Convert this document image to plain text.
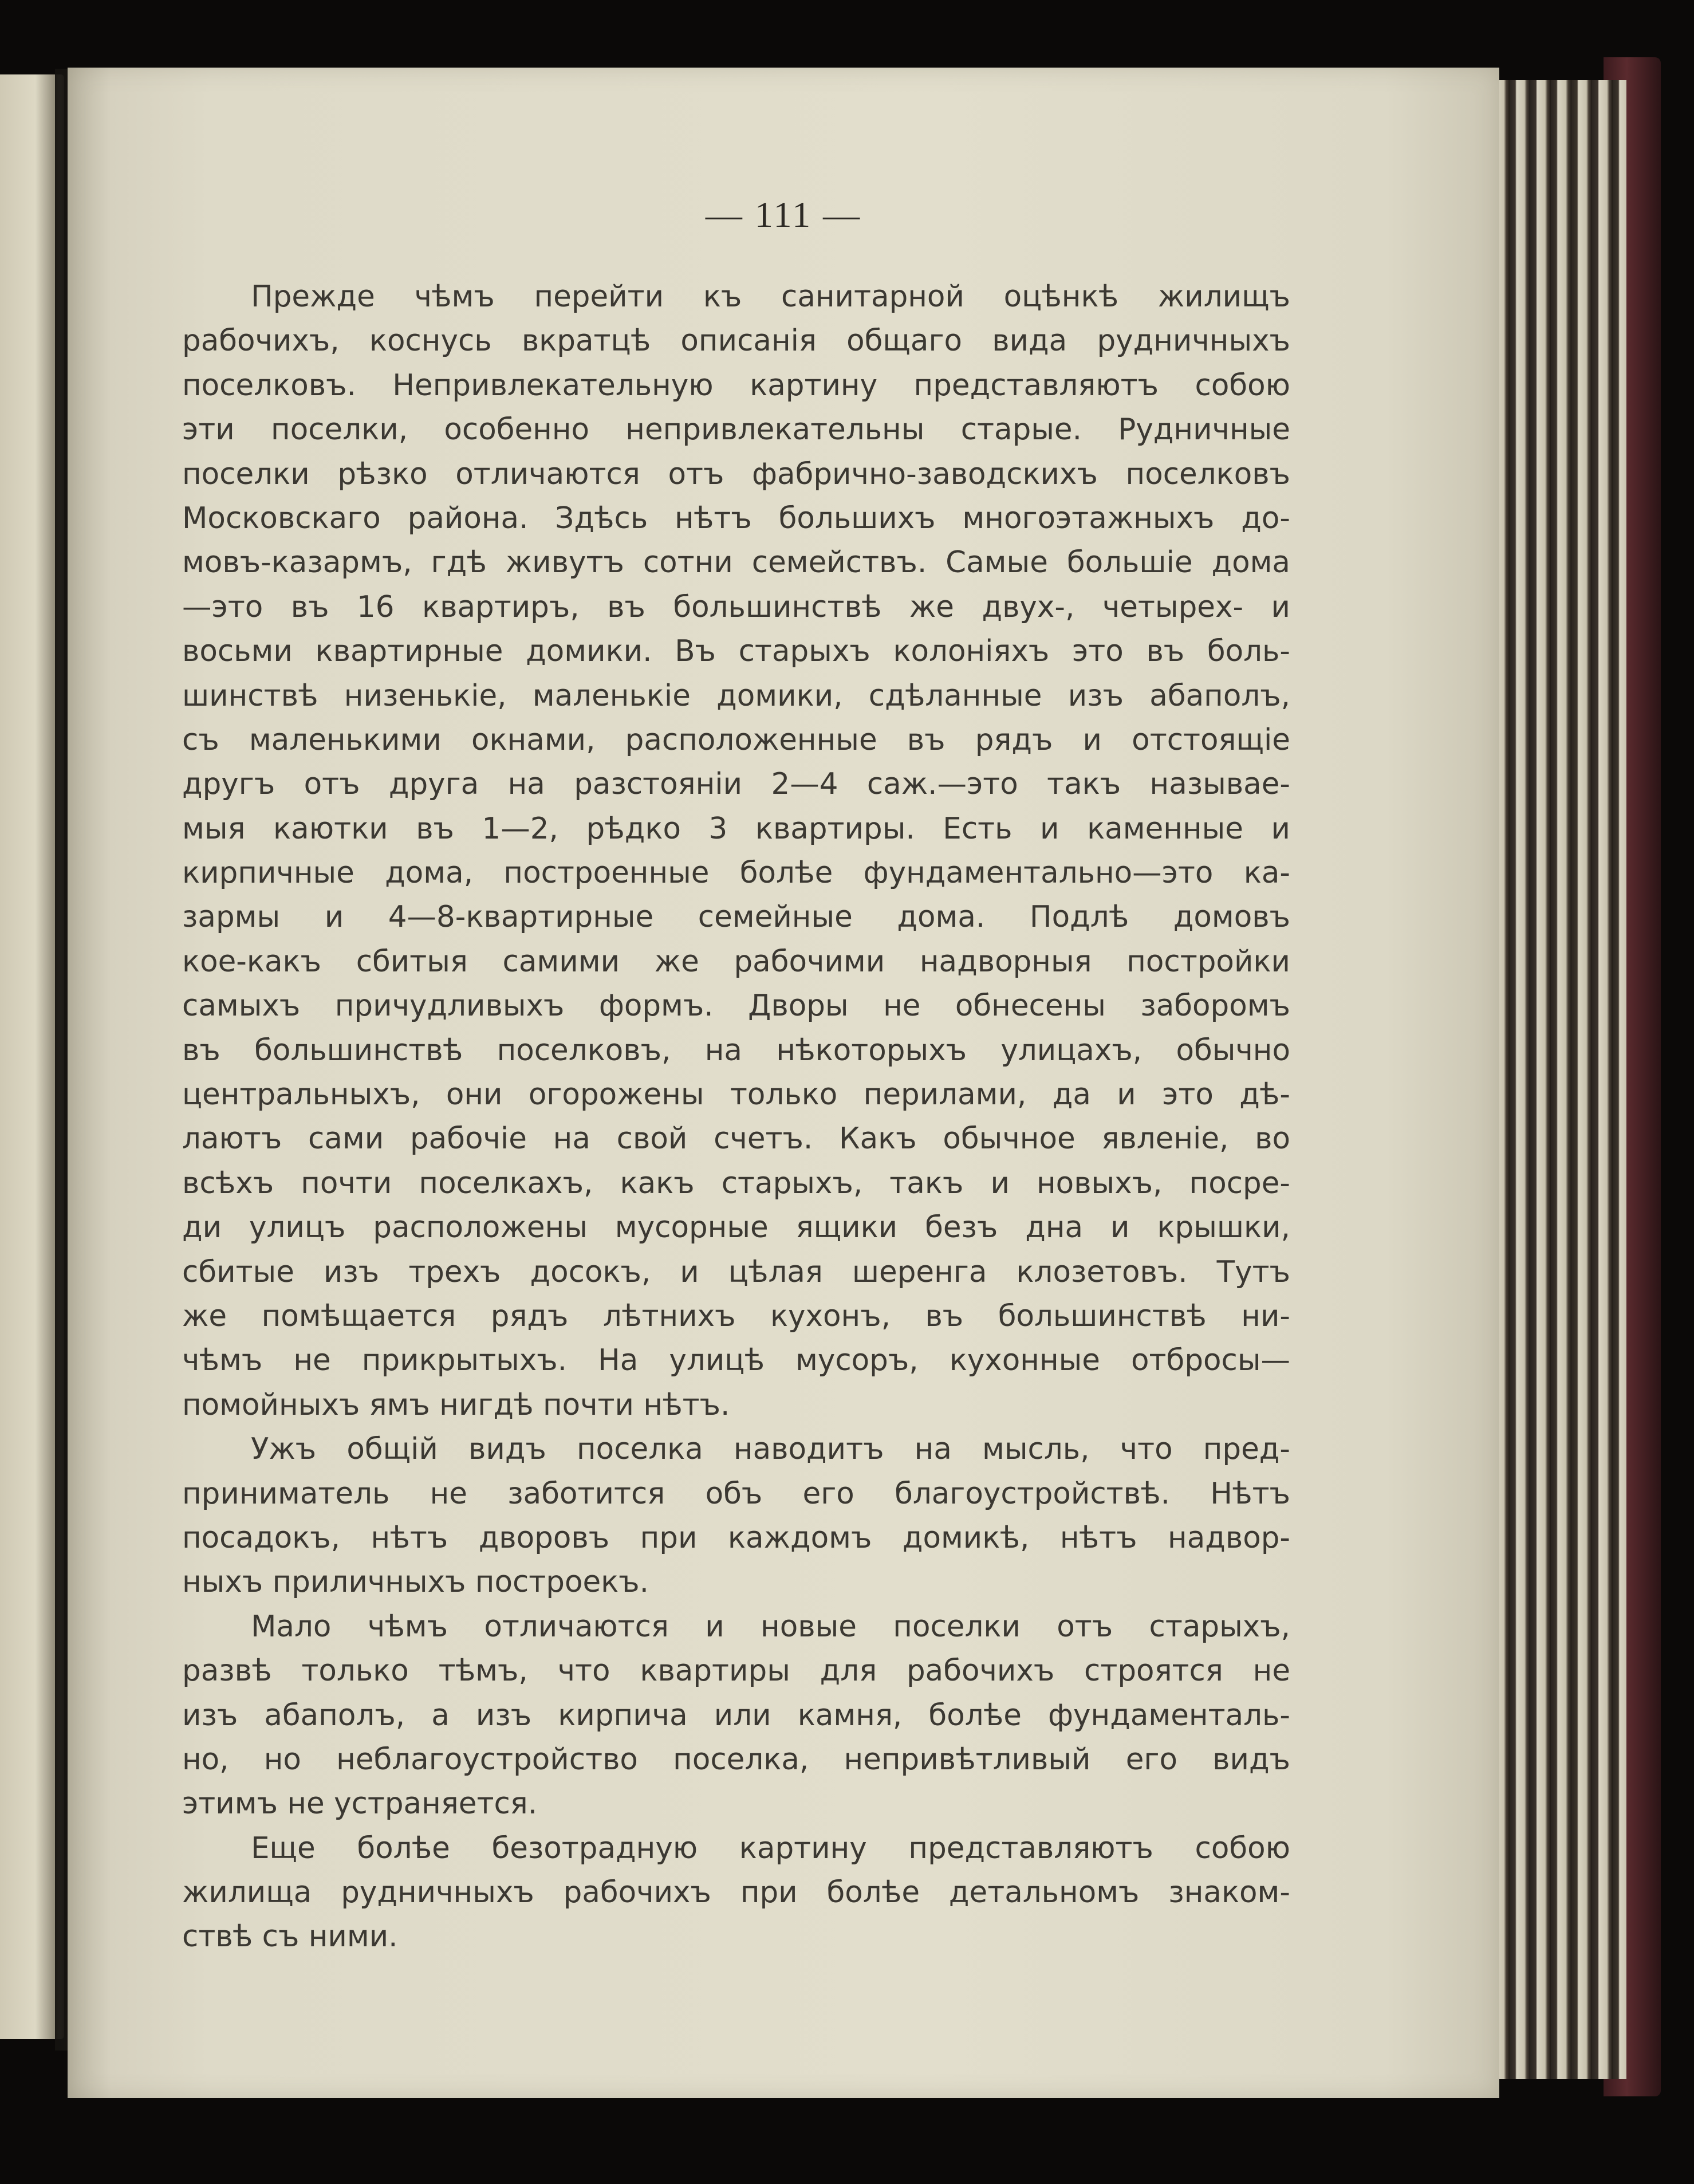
— 111 —
Прежде чѣмъ перейти къ санитарной оцѣнкѣ жилищъ
рабочихъ, коснусь вкратцѣ описанія общаго вида рудничныхъ
поселковъ. Непривлекательную картину представляютъ собою
эти поселки, особенно непривлекательны старые. Рудничные
поселки рѣзко отличаются отъ фабрично-заводскихъ поселковъ
Московскаго района. Здѣсь нѣтъ большихъ многоэтажныхъ до-
мовъ-казармъ, гдѣ живутъ сотни семействъ. Самые большіе дома
—это въ 16 квартиръ, въ большинствѣ же двух-, четырех- и
восьми квартирные домики. Въ старыхъ колоніяхъ это въ боль-
шинствѣ низенькіе, маленькіе домики, сдѣланные изъ абаполъ,
съ маленькими окнами, расположенные въ рядъ и отстоящіе
другъ отъ друга на разстояніи 2—4 саж.—это такъ называе-
мыя каютки въ 1—2, рѣдко 3 квартиры. Есть и каменные и
кирпичные дома, построенные болѣе фундаментально—это ка-
зармы и 4—8-квартирные семейные дома. Подлѣ домовъ
кое-какъ сбитыя самими же рабочими надворныя постройки
самыхъ причудливыхъ формъ. Дворы не обнесены заборомъ
въ большинствѣ поселковъ, на нѣкоторыхъ улицахъ, обычно
центральныхъ, они огорожены только перилами, да и это дѣ-
лаютъ сами рабочіе на свой счетъ. Какъ обычное явленіе, во
всѣхъ почти поселкахъ, какъ старыхъ, такъ и новыхъ, посре-
ди улицъ расположены мусорные ящики безъ дна и крышки,
сбитые изъ трехъ досокъ, и цѣлая шеренга клозетовъ. Тутъ
же помѣщается рядъ лѣтнихъ кухонъ, въ большинствѣ ни-
чѣмъ не прикрытыхъ. На улицѣ мусоръ, кухонные отбросы—
помойныхъ ямъ нигдѣ почти нѣтъ.
Ужъ общій видъ поселка наводитъ на мысль, что пред-
приниматель не заботится объ его благоустройствѣ. Нѣтъ
посадокъ, нѣтъ дворовъ при каждомъ домикѣ, нѣтъ надвор-
ныхъ приличныхъ построекъ.
Мало чѣмъ отличаются и новые поселки отъ старыхъ,
развѣ только тѣмъ, что квартиры для рабочихъ строятся не
изъ абаполъ, а изъ кирпича или камня, болѣе фундаменталь-
но, но неблагоустройство поселка, непривѣтливый его видъ
этимъ не устраняется.
Еще болѣе безотрадную картину представляютъ собою
жилища рудничныхъ рабочихъ при болѣе детальномъ знаком-
ствѣ съ ними.
